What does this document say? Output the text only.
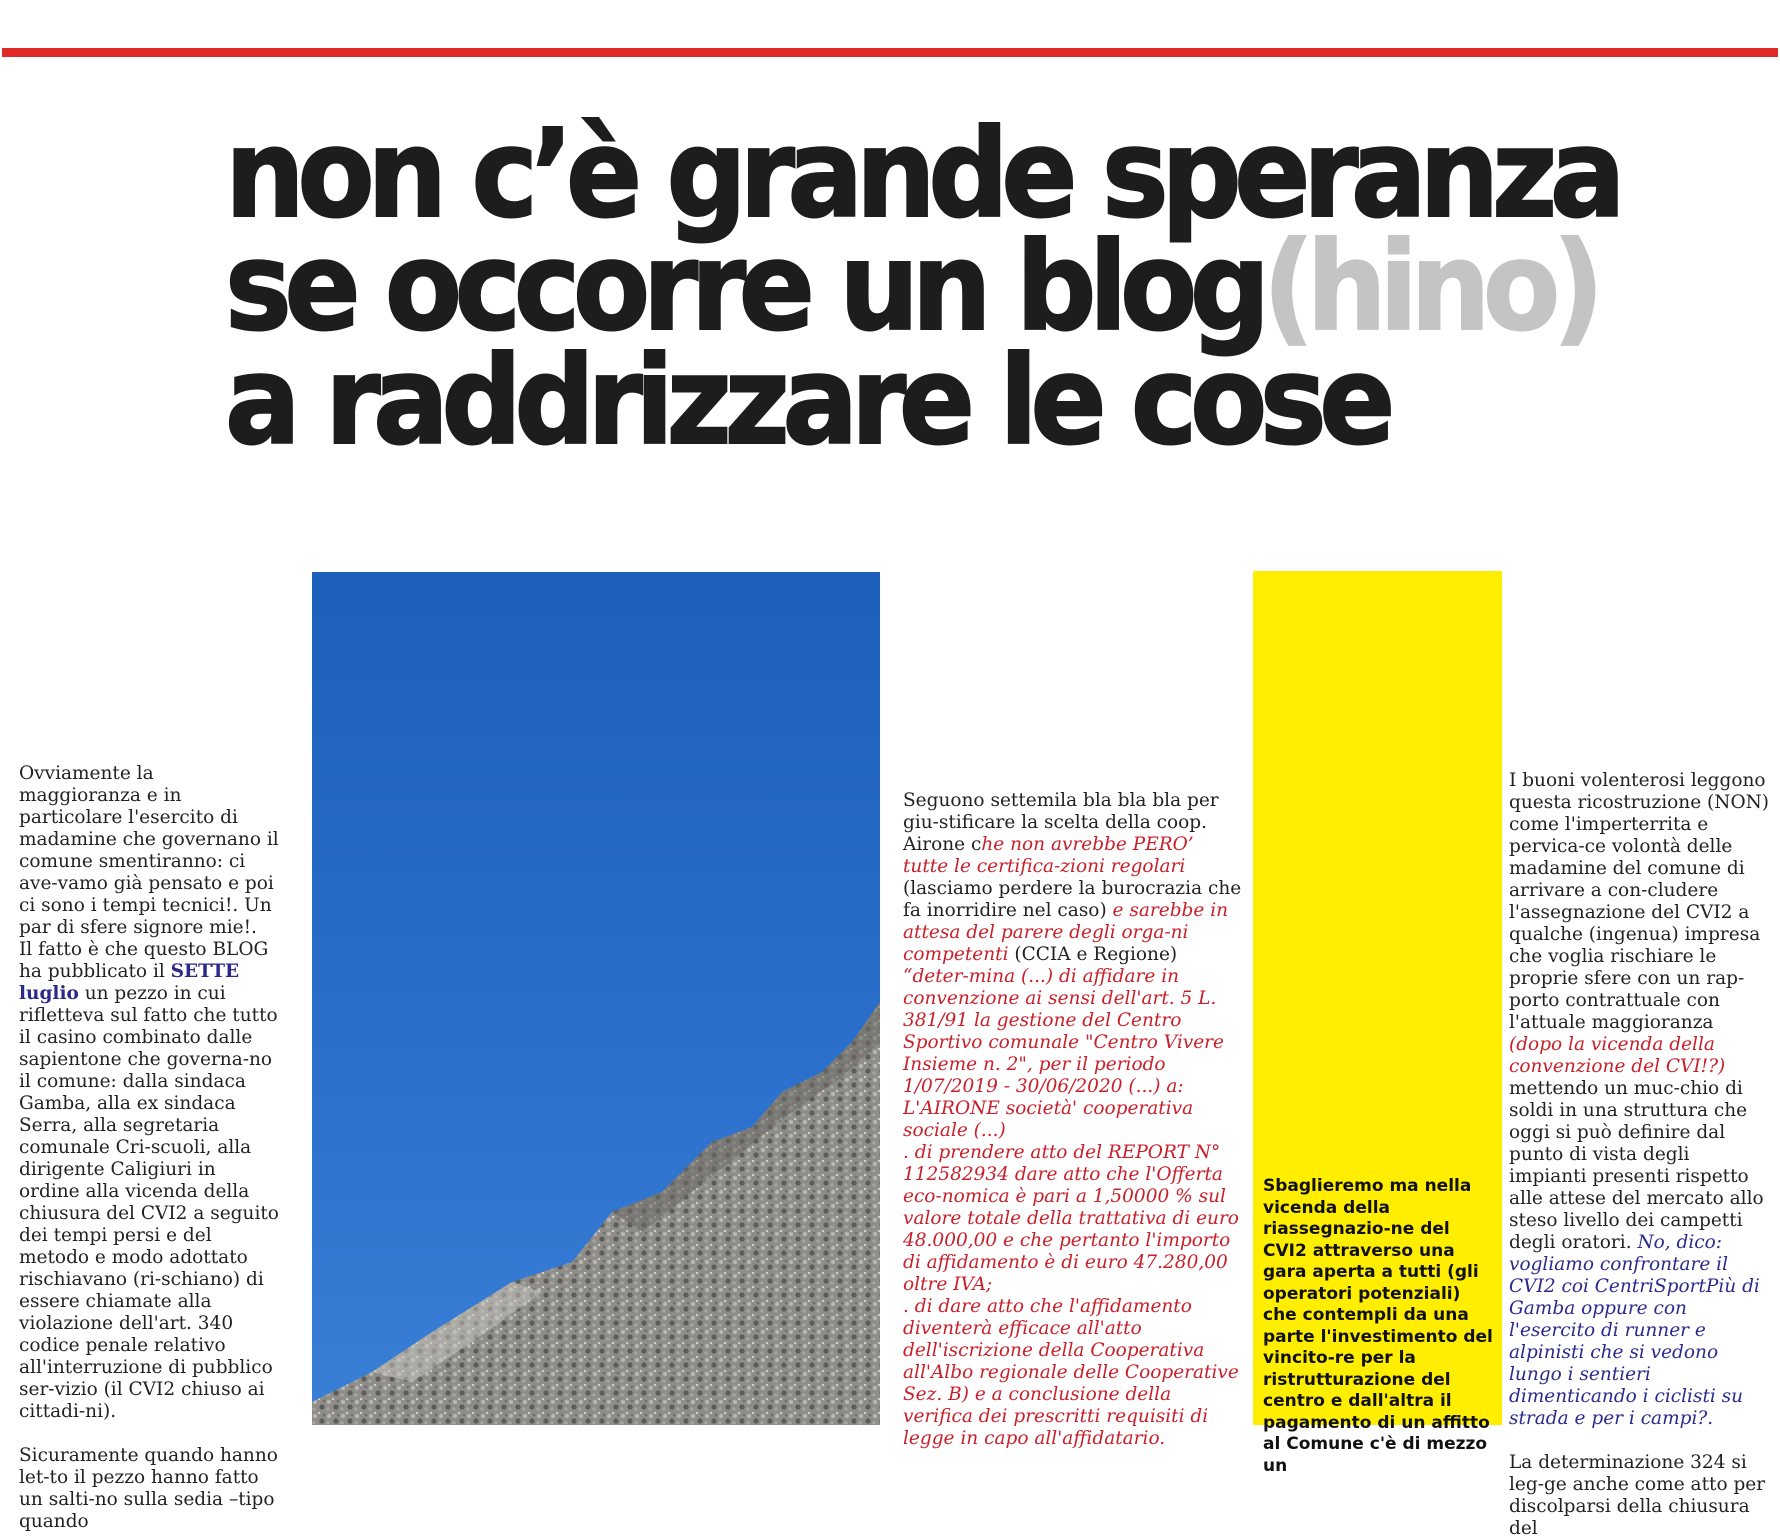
non c’è grande speranza
se occorre un blog(hino)
a raddrizzare le cose

Ovviamente la maggioranza e in particolare l'esercito di madamine che governano il comune smentiranno: ci ave-vamo già pensato e poi ci sono i tempi tecnici!. Un par di sfere signore mie!.

Il fatto è che questo BLOG ha pubblicato il SETTE luglio un pezzo in cui rifletteva sul fatto che tutto il casino combinato dalle sapientone che governa-no il comune: dalla sindaca Gamba, alla ex sindaca Serra, alla segretaria comunale Cri-scuoli, alla dirigente Caligiuri in ordine alla vicenda della chiusura del CVI2 a seguito dei tempi persi e del metodo e modo adottato rischiavano (ri-schiano) di essere chiamate alla violazione dell'art. 340 codice penale relativo all'interruzione di pubblico ser-vizio (il CVI2 chiuso ai cittadi-ni).

Sicuramente quando hanno let-to il pezzo hanno fatto un salti-no sulla sedia –tipo quando

Seguono settemila bla bla bla per giu-stificare la scelta della coop. Airone che non avrebbe PERO’ tutte le certifica-zioni regolari (lasciamo perdere la burocrazia che fa inorridire nel caso) e sarebbe in attesa del parere degli orga-ni competenti (CCIA e Regione) “deter-mina (...) di affidare in convenzione ai sensi dell'art. 5 L. 381/91 la gestione del Centro Sportivo comunale "Centro Vivere Insieme n. 2", per il periodo 1/07/2019 - 30/06/2020 (...) a: L'AIRONE società' cooperativa sociale (...)

. di prendere atto del REPORT N° 112582934 dare atto che l'Offerta eco-nomica è pari a 1,50000 % sul valore totale della trattativa di euro 48.000,00 e che pertanto l'importo di affidamento è di euro 47.280,00 oltre IVA;

. di dare atto che l'affidamento diventerà efficace all'atto dell'iscrizione della Cooperativa all'Albo regionale delle Cooperative Sez. B) e a conclusione della verifica dei prescritti requisiti di legge in capo all'affidatario.

Sbaglieremo ma nella vicenda della riassegnazio-ne del CVI2 attraverso una gara aperta a tutti (gli operatori potenziali) che contempli da una parte l'investimento del vincito-re per la ristrutturazione del centro e dall'altra il pagamento di un affitto al Comune c'è di mezzo un

I buoni volenterosi leggono questa ricostruzione (NON) come l'imperterrita e pervica-ce volontà delle madamine del comune di arrivare a con-cludere l'assegnazione del CVI2 a qualche (ingenua) impresa che voglia rischiare le proprie sfere con un rap-porto contrattuale con l'attuale maggioranza (dopo la vicenda della convenzione del CVI!?) mettendo un muc-chio di soldi in una struttura che oggi si può definire dal punto di vista degli impianti presenti rispetto alle attese del mercato allo steso livello dei campetti degli oratori. No, dico: vogliamo confrontare il CVI2 coi CentriSportPiù di Gamba oppure con l'esercito di runner e alpinisti che si vedono lungo i sentieri dimenticando i ciclisti su strada e per i campi?.

La determinazione 324 si leg-ge anche come atto per discolparsi della chiusura del
